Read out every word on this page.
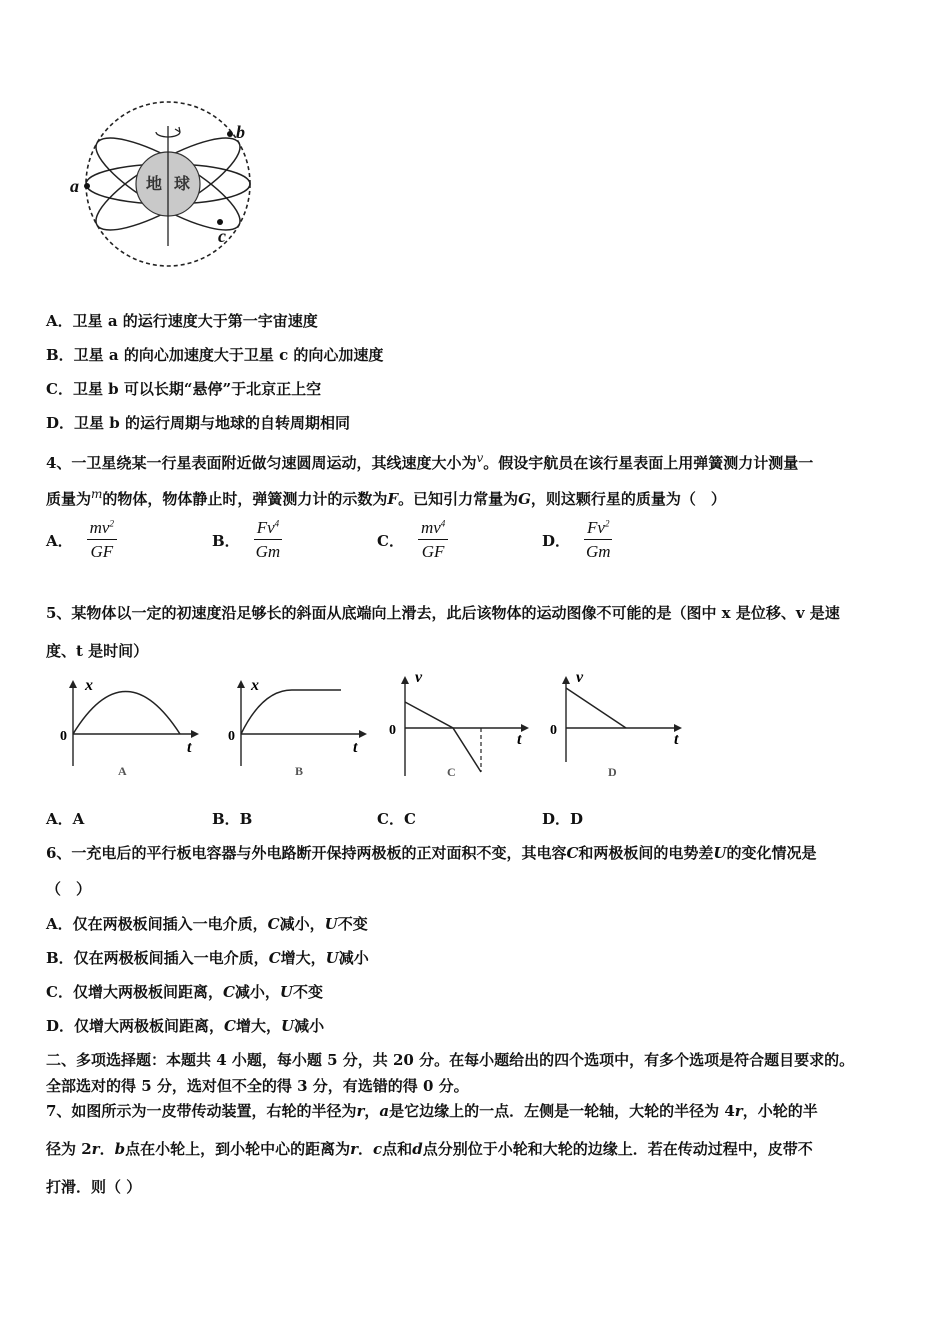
地 球
a
b
c
A．卫星 a 的运行速度大于第一宇宙速度
B．卫星 a 的向心加速度大于卫星 c 的向心加速度
C．卫星 b 可以长期“悬停”于北京正上空
D．卫星 b 的运行周期与地球的自转周期相同
4、一卫星绕某一行星表面附近做匀速圆周运动，其线速度大小为$^v$。假设宇航员在该行星表面上用弹簧测力计测量一
质量为$^m$的物体，物体静止时，弹簧测力计的示数为F。已知引力常量为G，则这颗行星的质量为（　）
A． $\frac{mv^2}{GF}$	B． $\frac{Fv^4}{Gm}$	C． $\frac{mv^4}{GF}$	D． $\frac{Fv^2}{Gm}$
5、某物体以一定的初速度沿足够长的斜面从底端向上滑去，此后该物体的运动图像不可能的是（图中 x 是位移、v 是速
度、t 是时间）
x
0
t
A
x
0
t
B
v
0
t
C
v
0
t
D
A．A	B．B	C．C	D．D
6、一充电后的平行板电容器与外电路断开保持两极板的正对面积不变，其电容C和两极板间的电势差U的变化情况是
（　）
A．仅在两极板间插入一电介质，C减小，U不变
B．仅在两极板间插入一电介质，C增大，U减小
C．仅增大两极板间距离，C减小，U不变
D．仅增大两极板间距离，C增大，U减小
二、多项选择题：本题共 4 小题，每小题 5 分，共 20 分。在每小题给出的四个选项中，有多个选项是符合题目要求的。
全部选对的得 5 分，选对但不全的得 3 分，有选错的得 0 分。
7、如图所示为一皮带传动装置，右轮的半径为r，a是它边缘上的一点．左侧是一轮轴，大轮的半径为 4r，小轮的半
径为 2r．b点在小轮上，到小轮中心的距离为r．c点和d点分别位于小轮和大轮的边缘上．若在传动过程中，皮带不
打滑．则（ ）
